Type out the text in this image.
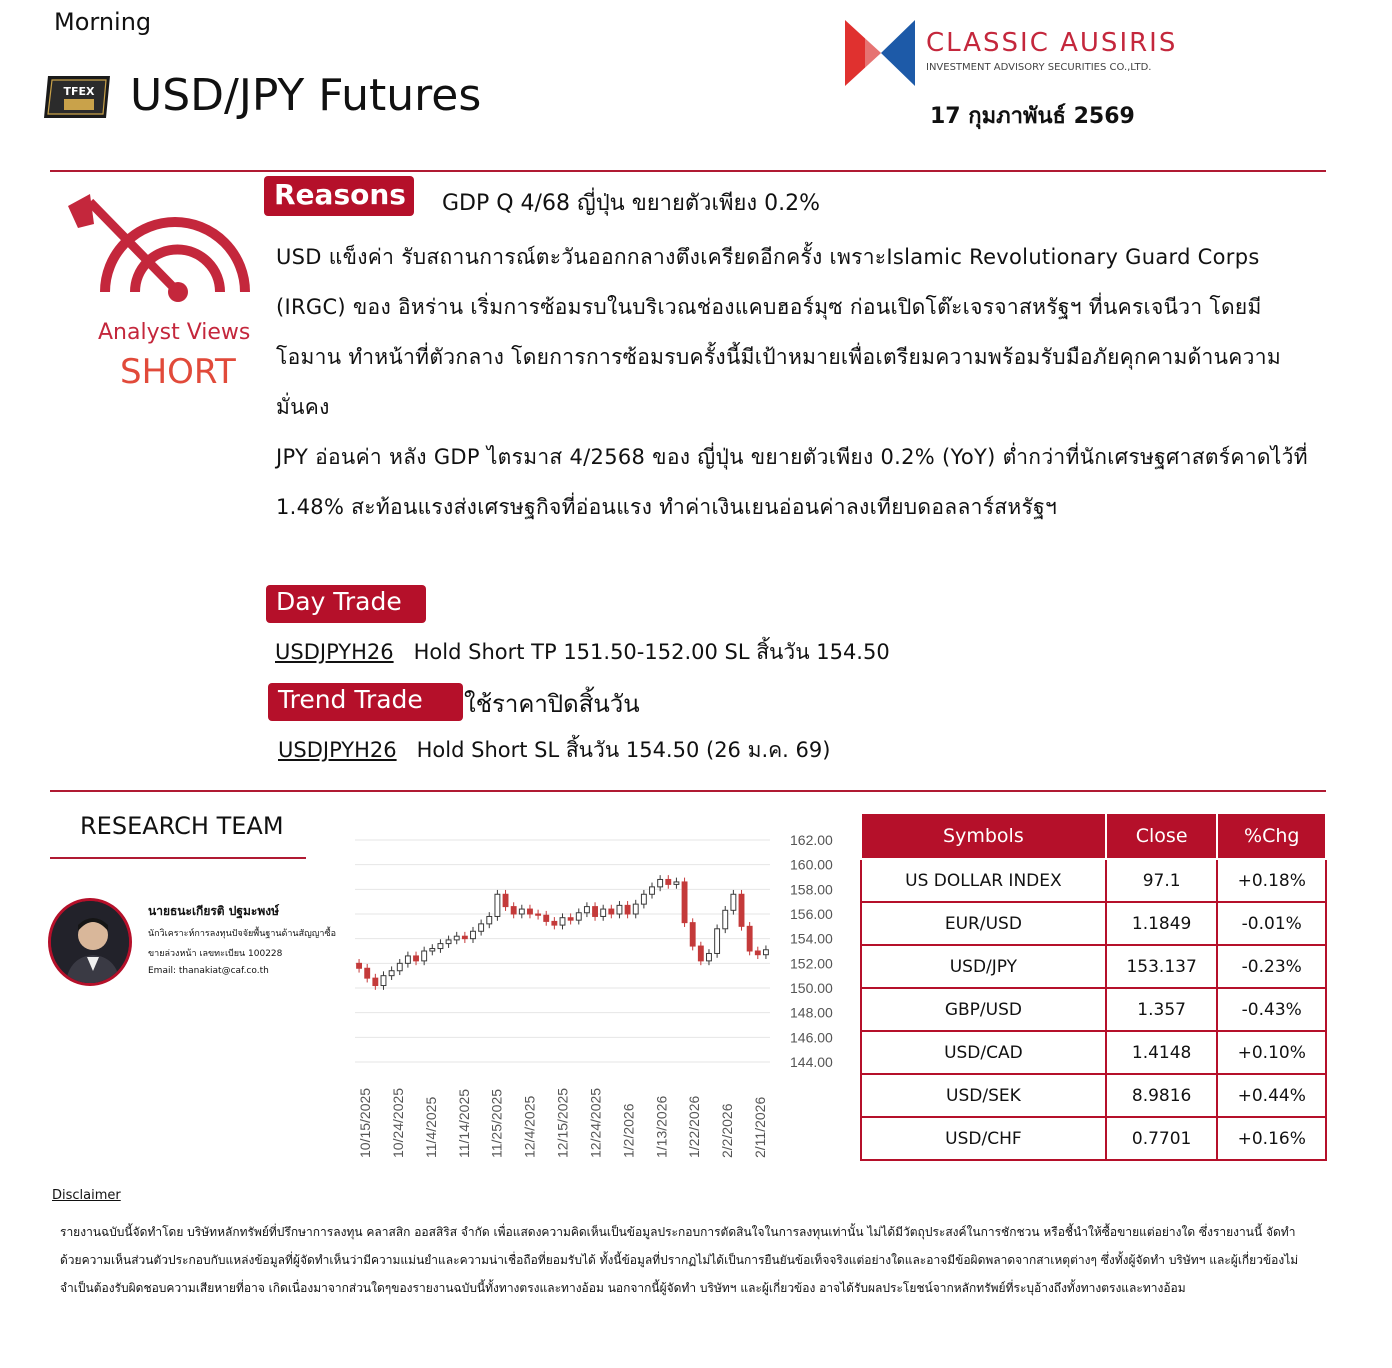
Morning
TFEX USD/JPY Futures
CLASSIC AUSIRIS
INVESTMENT ADVISORY SECURITIES CO.,LTD.
17 กุมภาพันธ์ 2569
Analyst Views
SHORT
Reasons	GDP Q 4/68 ญี่ปุ่น ขยายตัวเพียง 0.2%
USD แข็งค่า รับสถานการณ์ตะวันออกกลางตึงเครียดอีกครั้ง เพราะIslamic Revolutionary Guard Corps (IRGC) ของ อิหร่าน เริ่มการซ้อมรบในบริเวณช่องแคบฮอร์มุซ ก่อนเปิดโต๊ะเจรจาสหรัฐฯ ที่นครเจนีวา โดยมี โอมาน ทำหน้าที่ตัวกลาง โดยการการซ้อมรบครั้งนี้มีเป้าหมายเพื่อเตรียมความพร้อมรับมือภัยคุกคามด้านความมั่นคง
JPY อ่อนค่า หลัง GDP ไตรมาส 4/2568 ของ ญี่ปุ่น ขยายตัวเพียง 0.2% (YoY) ต่ำกว่าที่นักเศรษฐศาสตร์คาดไว้ที่ 1.48% สะท้อนแรงส่งเศรษฐกิจที่อ่อนแรง ทำค่าเงินเยนอ่อนค่าลงเทียบดอลลาร์สหรัฐฯ
Day Trade
USDJPYH26 Hold Short TP 151.50-152.00 SL สิ้นวัน 154.50
Trend Trade	ใช้ราคาปิดสิ้นวัน
USDJPYH26 Hold Short SL สิ้นวัน 154.50 (26 ม.ค. 69)
RESEARCH TEAM
นายธนะเกียรติ ปฐมะพงษ์
นักวิเคราะห์การลงทุนปัจจัยพื้นฐานด้านสัญญาซื้อ
ขายล่วงหน้า เลขทะเบียน 100228
Email: thanakiat@caf.co.th
162.00
160.00
158.00
156.00
154.00
152.00
150.00
148.00
146.00
144.00
10/15/2025 10/24/2025 11/4/2025 11/14/2025 11/25/2025 12/4/2025 12/15/2025 12/24/2025 1/2/2026 1/13/2026 1/22/2026 2/2/2026 2/11/2026
Symbols	Close	%Chg
US DOLLAR INDEX	97.1	+0.18%
EUR/USD	1.1849	-0.01%
USD/JPY	153.137	-0.23%
GBP/USD	1.357	-0.43%
USD/CAD	1.4148	+0.10%
USD/SEK	8.9816	+0.44%
USD/CHF	0.7701	+0.16%
Disclaimer
รายงานฉบับนี้จัดทำโดย บริษัทหลักทรัพย์ที่ปรึกษาการลงทุน คลาสสิก ออสสิริส จำกัด เพื่อแสดงความคิดเห็นเป็นข้อมูลประกอบการตัดสินใจในการลงทุนเท่านั้น ไม่ได้มีวัตถุประสงค์ในการชักชวน หรือชี้นำให้ซื้อขายแต่อย่างใด ซึ่งรายงานนี้ จัดทำด้วยความเห็นส่วนตัวประกอบกับแหล่งข้อมูลที่ผู้จัดทำเห็นว่ามีความแม่นยำและความน่าเชื่อถือที่ยอมรับได้ ทั้งนี้ข้อมูลที่ปรากฏไม่ได้เป็นการยืนยันข้อเท็จจริงแต่อย่างใดและอาจมีข้อผิดพลาดจากสาเหตุต่างๆ ซึ่งทั้งผู้จัดทำ บริษัทฯ และผู้เกี่ยวข้องไม่จำเป็นต้องรับผิดชอบความเสียหายที่อาจ เกิดเนื่องมาจากส่วนใดๆของรายงานฉบับนี้ทั้งทางตรงและทางอ้อม นอกจากนี้ผู้จัดทำ บริษัทฯ และผู้เกี่ยวข้อง อาจได้รับผลประโยชน์จากหลักทรัพย์ที่ระบุอ้างถึงทั้งทางตรงและทางอ้อม
